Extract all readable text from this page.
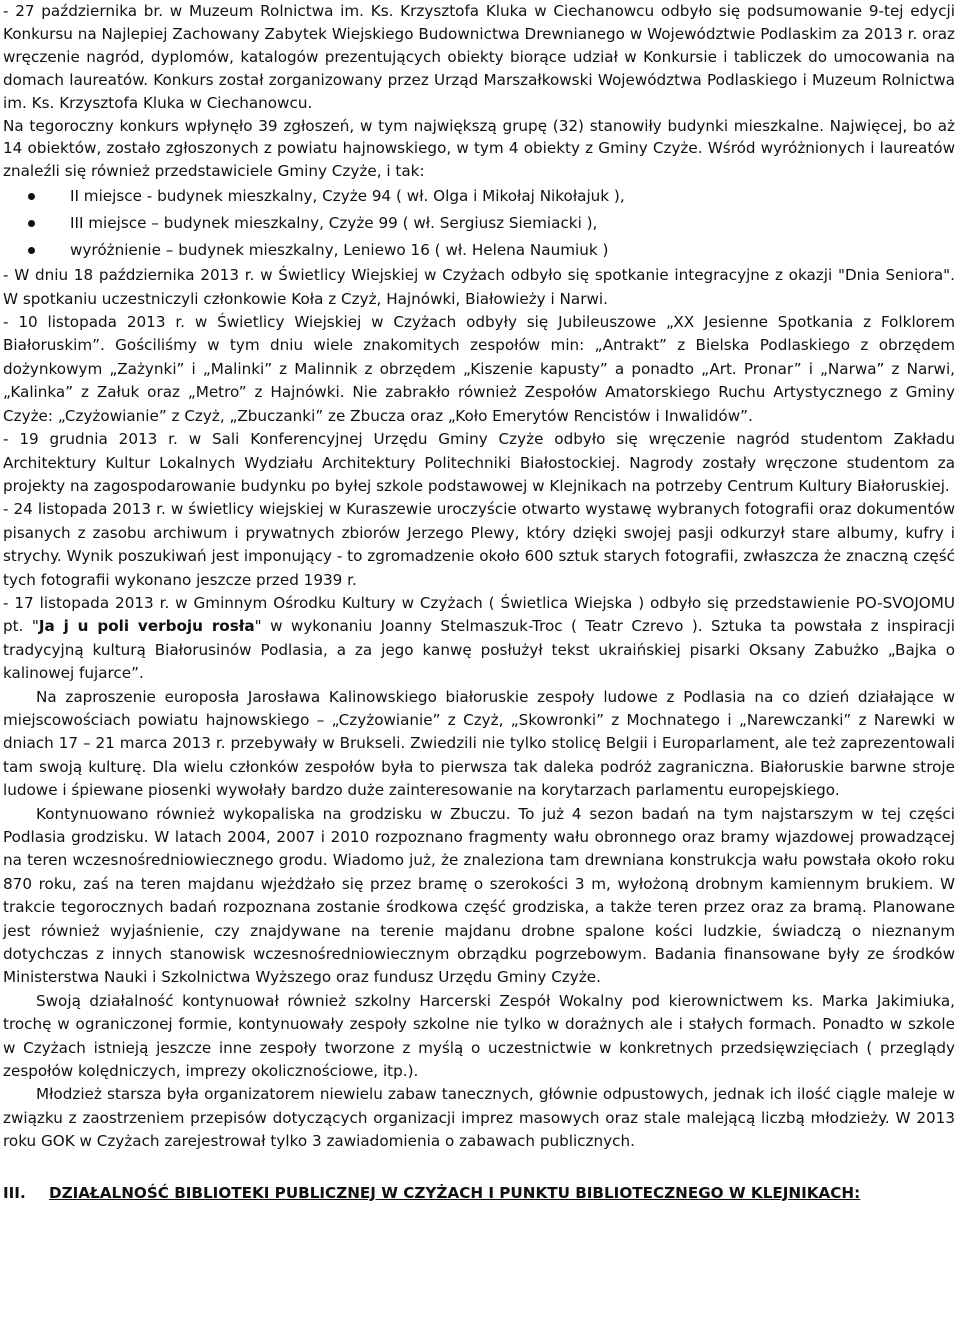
- 27 października br. w Muzeum Rolnictwa im. Ks. Krzysztofa Kluka w Ciechanowcu odbyło się podsumowanie 9-tej edycji Konkursu na Najlepiej Zachowany Zabytek Wiejskiego Budownictwa Drewnianego w Województwie Podlaskim za 2013 r. oraz wręczenie nagród, dyplomów, katalogów prezentujących obiekty biorące udział w Konkursie i tabliczek do umocowania na domach laureatów. Konkurs został zorganizowany przez Urząd Marszałkowski Województwa Podlaskiego i Muzeum Rolnictwa im. Ks. Krzysztofa Kluka w Ciechanowcu.

Na tegoroczny konkurs wpłynęło 39 zgłoszeń, w tym największą grupę (32) stanowiły budynki mieszkalne. Najwięcej, bo aż 14 obiektów, zostało zgłoszonych z powiatu hajnowskiego, w tym 4 obiekty z Gminy Czyże. Wśród wyróżnionych i laureatów znaleźli się również przedstawiciele Gminy Czyże, i tak:

II miejsce - budynek mieszkalny, Czyże 94 ( wł. Olga i Mikołaj Nikołajuk ),
III miejsce – budynek mieszkalny, Czyże 99 ( wł. Sergiusz Siemiacki ),
wyróżnienie – budynek mieszkalny, Leniewo 16 ( wł. Helena Naumiuk )

- W dniu 18 października 2013 r. w Świetlicy Wiejskiej w Czyżach odbyło się spotkanie integracyjne z okazji "Dnia Seniora". W spotkaniu uczestniczyli członkowie Koła z Czyż, Hajnówki, Białowieży i Narwi.

- 10 listopada 2013 r. w Świetlicy Wiejskiej w Czyżach odbyły się Jubileuszowe „XX Jesienne Spotkania z Folklorem Białoruskim”. Gościliśmy w tym dniu wiele znakomitych zespołów min: „Antrakt” z Bielska Podlaskiego z obrzędem dożynkowym „Zażynki” i „Malinki” z Malinnik z obrzędem „Kiszenie kapusty” a ponadto „Art. Pronar” i „Narwa” z Narwi, „Kalinka” z Załuk oraz „Metro” z Hajnówki. Nie zabrakło również Zespołów Amatorskiego Ruchu Artystycznego z Gminy Czyże: „Czyżowianie” z Czyż, „Zbuczanki” ze Zbucza oraz „Koło Emerytów Rencistów i Inwalidów”.

- 19 grudnia 2013 r. w Sali Konferencyjnej Urzędu Gminy Czyże odbyło się wręczenie nagród studentom Zakładu Architektury Kultur Lokalnych Wydziału Architektury Politechniki Białostockiej. Nagrody zostały wręczone studentom za projekty na zagospodarowanie budynku po byłej szkole podstawowej w Klejnikach na potrzeby Centrum Kultury Białoruskiej.

- 24 listopada 2013 r. w świetlicy wiejskiej w Kuraszewie uroczyście otwarto wystawę wybranych fotografii oraz dokumentów pisanych z zasobu archiwum i prywatnych zbiorów Jerzego Plewy, który dzięki swojej pasji odkurzył stare albumy, kufry i strychy. Wynik poszukiwań jest imponujący - to zgromadzenie około 600 sztuk starych fotografii, zwłaszcza że znaczną część tych fotografii wykonano jeszcze przed 1939 r.

- 17 listopada 2013 r. w Gminnym Ośrodku Kultury w Czyżach ( Świetlica Wiejska ) odbyło się przedstawienie PO-SVOJOMU pt. "Ja j u poli verboju rosła" w wykonaniu Joanny Stelmaszuk-Troc ( Teatr Czrevo ). Sztuka ta powstała z inspiracji tradycyjną kulturą Białorusinów Podlasia, a za jego kanwę posłużył tekst ukraińskiej pisarki Oksany Zabużko „Bajka o kalinowej fujarce”.

Na zaproszenie europosła Jarosława Kalinowskiego białoruskie zespoły ludowe z Podlasia na co dzień działające w miejscowościach powiatu hajnowskiego – „Czyżowianie” z Czyż, „Skowronki” z Mochnatego i „Narewczanki” z Narewki w dniach 17 – 21 marca 2013 r. przebywały w Brukseli. Zwiedzili nie tylko stolicę Belgii i Europarlament, ale też zaprezentowali tam swoją kulturę. Dla wielu członków zespołów była to pierwsza tak daleka podróż zagraniczna. Białoruskie barwne stroje ludowe i śpiewane piosenki wywołały bardzo duże zainteresowanie na korytarzach parlamentu europejskiego.

Kontynuowano również wykopaliska na grodzisku w Zbuczu. To już 4 sezon badań na tym najstarszym w tej części Podlasia grodzisku. W latach 2004, 2007 i 2010 rozpoznano fragmenty wału obronnego oraz bramy wjazdowej prowadzącej na teren wczesnośredniowiecznego grodu. Wiadomo już, że znaleziona tam drewniana konstrukcja wału powstała około roku 870 roku, zaś na teren majdanu wjeżdżało się przez bramę o szerokości 3 m, wyłożoną drobnym kamiennym brukiem. W trakcie tegorocznych badań rozpoznana zostanie środkowa część grodziska, a także teren przez oraz za bramą. Planowane jest również wyjaśnienie, czy znajdywane na terenie majdanu drobne spalone kości ludzkie, świadczą o nieznanym dotychczas z innych stanowisk wczesnośredniowiecznym obrządku pogrzebowym. Badania finansowane były ze środków Ministerstwa Nauki i Szkolnictwa Wyższego oraz fundusz Urzędu Gminy Czyże.

Swoją działalność kontynuował również szkolny Harcerski Zespół Wokalny pod kierownictwem ks. Marka Jakimiuka, trochę w ograniczonej formie, kontynuowały zespoły szkolne nie tylko w dorażnych ale i stałych formach. Ponadto w szkole w Czyżach istnieją jeszcze inne zespoły tworzone z myślą o uczestnictwie w konkretnych przedsięwzięciach ( przeglądy zespołów kolędniczych, imprezy okolicznościowe, itp.).

Młodzież starsza była organizatorem niewielu zabaw tanecznych, głównie odpustowych, jednak ich ilość ciągle maleje w związku z zaostrzeniem przepisów dotyczących organizacji imprez masowych oraz stale malejącą liczbą młodzieży. W 2013 roku GOK w Czyżach zarejestrował tylko 3 zawiadomienia o zabawach publicznych.

III.	DZIAŁALNOŚĆ BIBLIOTEKI PUBLICZNEJ W CZYŻACH I PUNKTU BIBLIOTECZNEGO W KLEJNIKACH:
